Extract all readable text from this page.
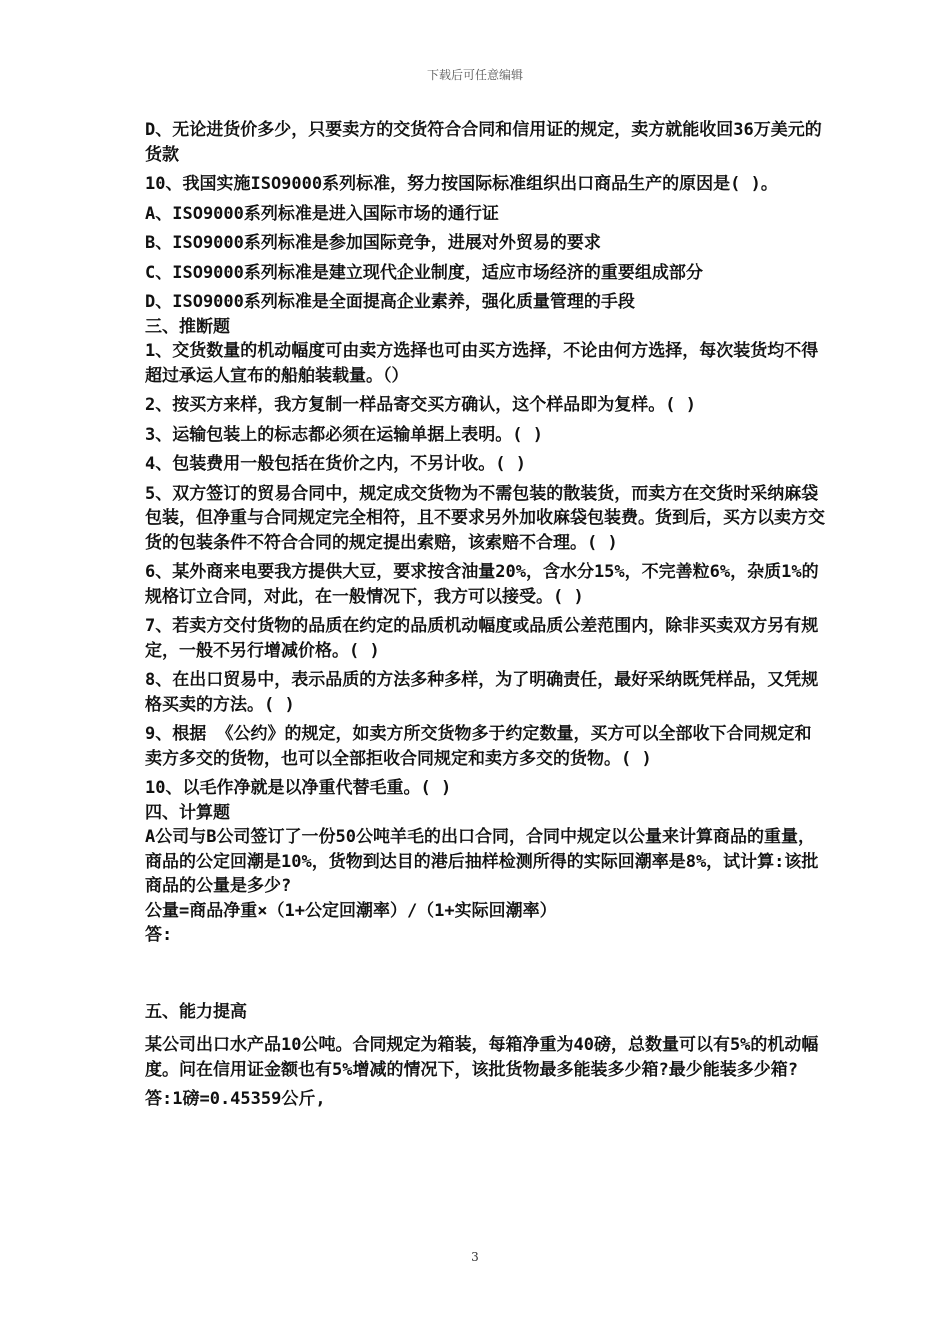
下载后可任意编辑

D、无论进货价多少，只要卖方的交货符合合同和信用证的规定，卖方就能收回36万美元的货款

10、我国实施ISO9000系列标准，努力按国际标准组织出口商品生产的原因是( )。

A、ISO9000系列标准是进入国际市场的通行证

B、ISO9000系列标准是参加国际竞争，进展对外贸易的要求

C、ISO9000系列标准是建立现代企业制度，适应市场经济的重要组成部分

D、ISO9000系列标准是全面提高企业素养，强化质量管理的手段

三、推断题

1、交货数量的机动幅度可由卖方选择也可由买方选择，不论由何方选择，每次装货均不得超过承运人宣布的船舶装载量。（）

2、按买方来样，我方复制一样品寄交买方确认，这个样品即为复样。( )

3、运输包装上的标志都必须在运输单据上表明。( )

4、包装费用一般包括在货价之内，不另计收。( )

5、双方签订的贸易合同中，规定成交货物为不需包装的散装货，而卖方在交货时采纳麻袋包装，但净重与合同规定完全相符，且不要求另外加收麻袋包装费。货到后，买方以卖方交货的包装条件不符合合同的规定提出索赔，该索赔不合理。( )

6、某外商来电要我方提供大豆，要求按含油量20%，含水分15%，不完善粒6%，杂质1%的规格订立合同，对此，在一般情况下，我方可以接受。( )

7、若卖方交付货物的品质在约定的品质机动幅度或品质公差范围内，除非买卖双方另有规定，一般不另行增减价格。( )

8、在出口贸易中，表示品质的方法多种多样，为了明确责任，最好采纳既凭样品，又凭规格买卖的方法。( )

9、根据 《公约》的规定，如卖方所交货物多于约定数量，买方可以全部收下合同规定和卖方多交的货物，也可以全部拒收合同规定和卖方多交的货物。( )

10、以毛作净就是以净重代替毛重。( )

四、计算题

A公司与B公司签订了一份50公吨羊毛的出口合同，合同中规定以公量来计算商品的重量，商品的公定回潮是10%，货物到达目的港后抽样检测所得的实际回潮率是8%，试计算:该批商品的公量是多少?

公量=商品净重×（1+公定回潮率）/（1+实际回潮率）

答:

五、能力提高

某公司出口水产品10公吨。合同规定为箱装，每箱净重为40磅，总数量可以有5%的机动幅度。问在信用证金额也有5%增减的情况下，该批货物最多能装多少箱?最少能装多少箱?

答:1磅=0.45359公斤,

3
